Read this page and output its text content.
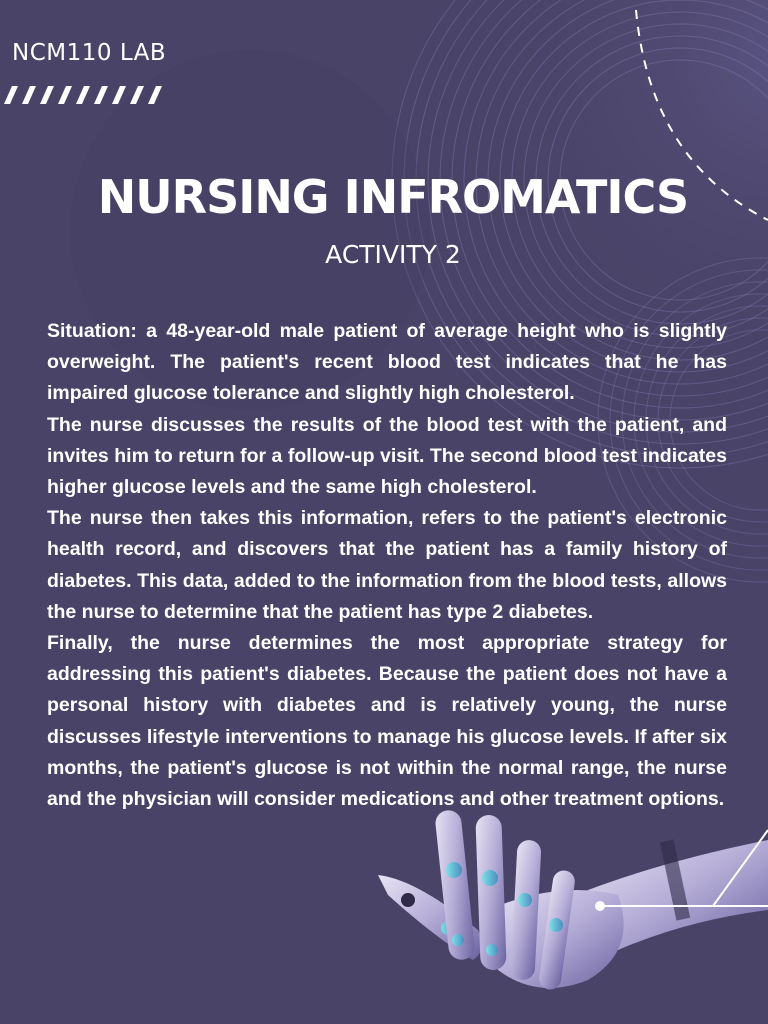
NCM110 LAB
NURSING INFROMATICS
ACTIVITY 2

Situation: a 48-year-old male patient of average height who is slightly overweight. The patient's recent blood test indicates that he has impaired glucose tolerance and slightly high cholesterol.

The nurse discusses the results of the blood test with the patient, and invites him to return for a follow-up visit. The second blood test indicates higher glucose levels and the same high cholesterol.

The nurse then takes this information, refers to the patient's electronic health record, and discovers that the patient has a family history of diabetes. This data, added to the information from the blood tests, allows the nurse to determine that the patient has type 2 diabetes.

Finally, the nurse determines the most appropriate strategy for addressing this patient's diabetes. Because the patient does not have a personal history with diabetes and is relatively young, the nurse discusses lifestyle interventions to manage his glucose levels. If after six months, the patient's glucose is not within the normal range, the nurse and the physician will consider medications and other treatment options.
